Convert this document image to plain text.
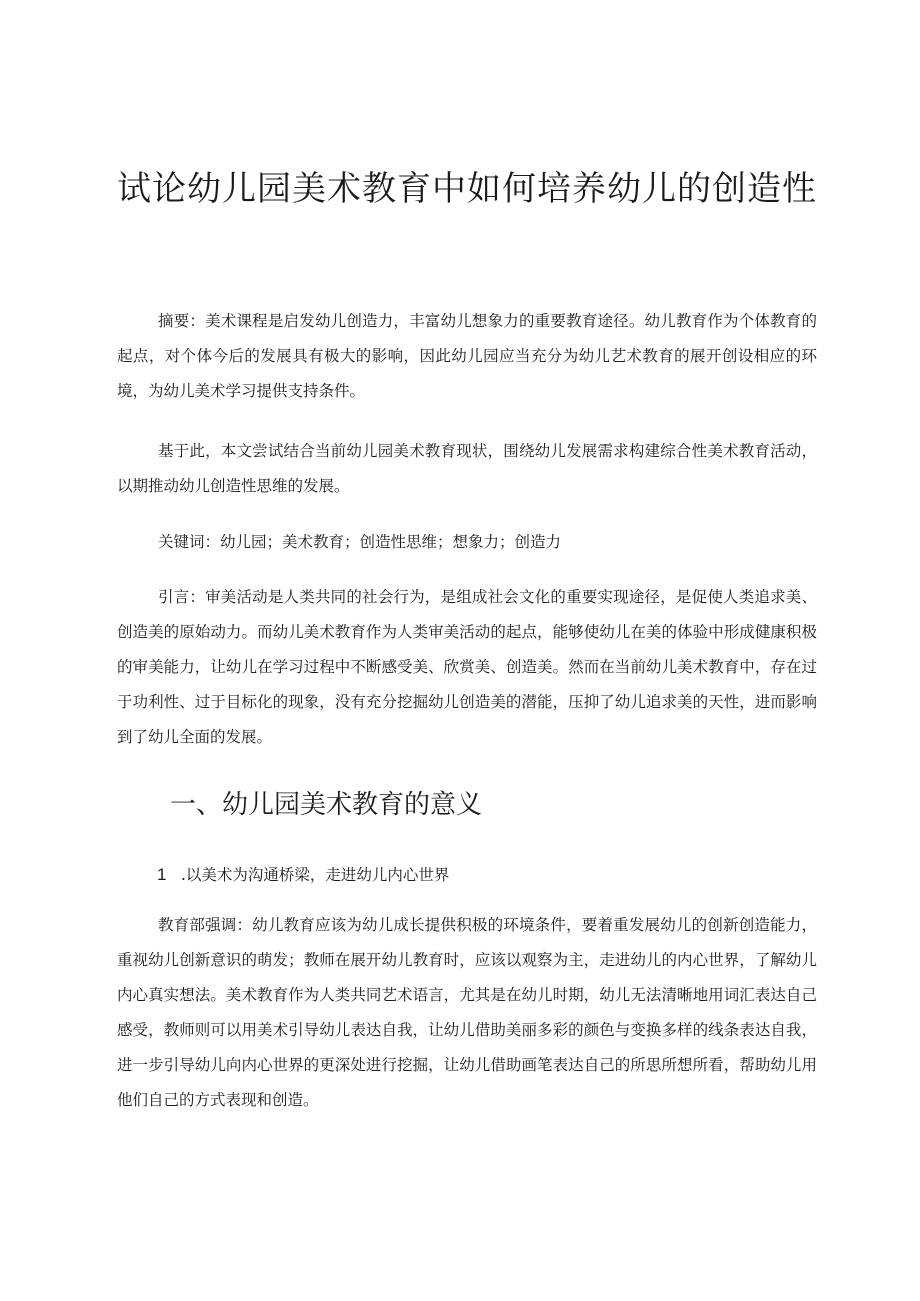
试论幼儿园美术教育中如何培养幼儿的创造性

摘要：美术课程是启发幼儿创造力，丰富幼儿想象力的重要教育途径。幼儿教育作为个体教育的起点，对个体今后的发展具有极大的影响，因此幼儿园应当充分为幼儿艺术教育的展开创设相应的环境，为幼儿美术学习提供支持条件。

基于此，本文尝试结合当前幼儿园美术教育现状，围绕幼儿发展需求构建综合性美术教育活动，以期推动幼儿创造性思维的发展。

关键词：幼儿园；美术教育；创造性思维；想象力；创造力

引言：审美活动是人类共同的社会行为，是组成社会文化的重要实现途径，是促使人类追求美、创造美的原始动力。而幼儿美术教育作为人类审美活动的起点，能够使幼儿在美的体验中形成健康积极的审美能力，让幼儿在学习过程中不断感受美、欣赏美、创造美。然而在当前幼儿美术教育中，存在过于功利性、过于目标化的现象，没有充分挖掘幼儿创造美的潜能，压抑了幼儿追求美的天性，进而影响到了幼儿全面的发展。

一、幼儿园美术教育的意义

1 .以美术为沟通桥梁，走进幼儿内心世界

教育部强调：幼儿教育应该为幼儿成长提供积极的环境条件，要着重发展幼儿的创新创造能力，重视幼儿创新意识的萌发；教师在展开幼儿教育时，应该以观察为主，走进幼儿的内心世界，了解幼儿内心真实想法。美术教育作为人类共同艺术语言，尤其是在幼儿时期，幼儿无法清晰地用词汇表达自己感受，教师则可以用美术引导幼儿表达自我，让幼儿借助美丽多彩的颜色与变换多样的线条表达自我，进一步引导幼儿向内心世界的更深处进行挖掘，让幼儿借助画笔表达自己的所思所想所看，帮助幼儿用他们自己的方式表现和创造。
